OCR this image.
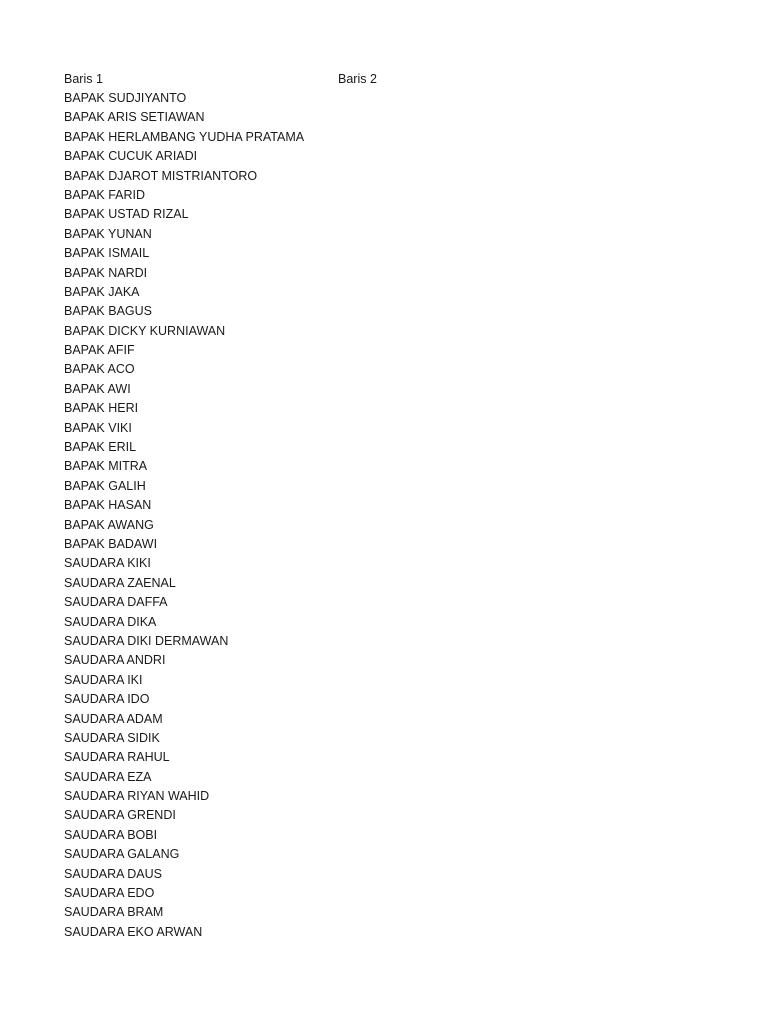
Baris 1	Baris 2
BAPAK SUDJIYANTO
BAPAK ARIS SETIAWAN
BAPAK HERLAMBANG YUDHA PRATAMA
BAPAK CUCUK ARIADI
BAPAK DJAROT MISTRIANTORO
BAPAK FARID
BAPAK USTAD RIZAL
BAPAK YUNAN
BAPAK ISMAIL
BAPAK NARDI
BAPAK JAKA
BAPAK BAGUS
BAPAK DICKY KURNIAWAN
BAPAK AFIF
BAPAK ACO
BAPAK AWI
BAPAK HERI
BAPAK VIKI
BAPAK ERIL
BAPAK MITRA
BAPAK GALIH
BAPAK HASAN
BAPAK AWANG
BAPAK BADAWI
SAUDARA KIKI
SAUDARA ZAENAL
SAUDARA DAFFA
SAUDARA DIKA
SAUDARA DIKI DERMAWAN
SAUDARA ANDRI
SAUDARA IKI
SAUDARA IDO
SAUDARA ADAM
SAUDARA SIDIK
SAUDARA RAHUL
SAUDARA EZA
SAUDARA RIYAN WAHID
SAUDARA GRENDI
SAUDARA BOBI
SAUDARA GALANG
SAUDARA DAUS
SAUDARA EDO
SAUDARA BRAM
SAUDARA EKO ARWAN
